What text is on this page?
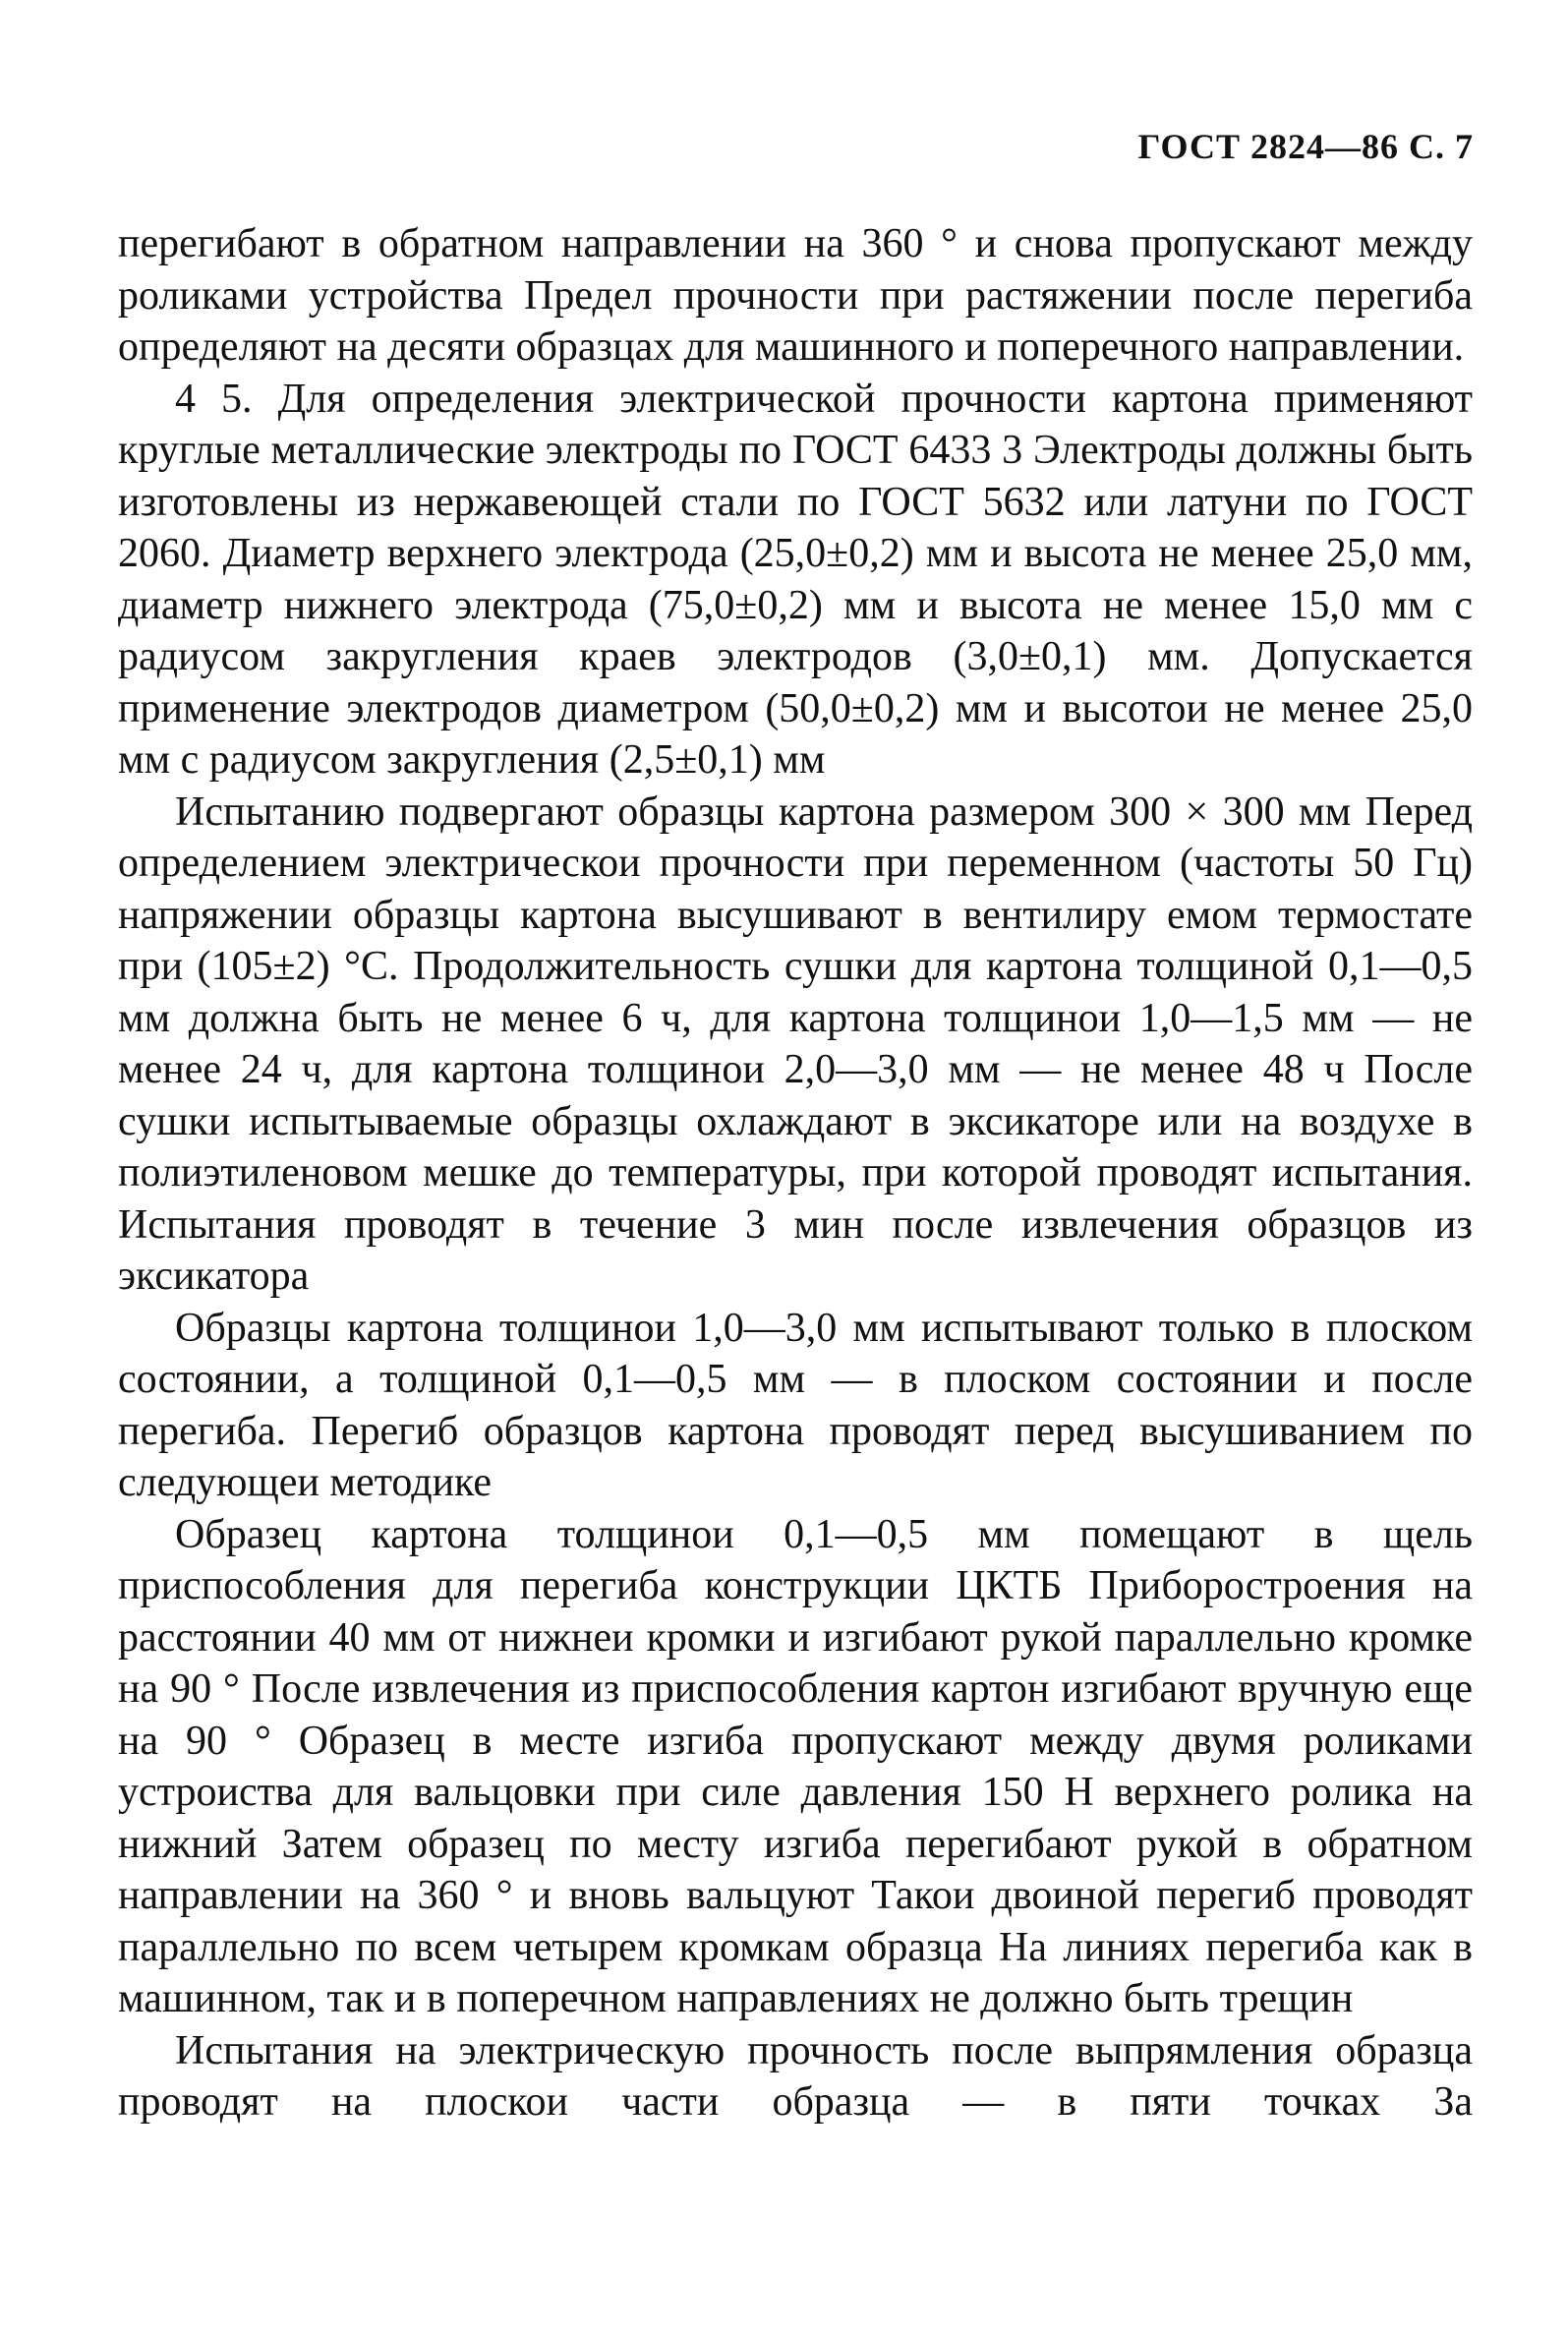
ГОСТ 2824—86 С. 7

перегибают в обратном направлении на 360 ° и снова пропускают между роликами устройства Предел прочности при растяжении после перегиба определяют на десяти образцах для машинного и поперечного направлении.

4 5. Для определения электрической прочности картона применяют круглые металлические электроды по ГОСТ 6433 3 Электроды должны быть изготовлены из нержавеющей стали по ГОСТ 5632 или латуни по ГОСТ 2060. Диаметр верхнего электрода (25,0±0,2) мм и высота не менее 25,0 мм, диаметр нижнего электрода (75,0±0,2) мм и высота не менее 15,0 мм с радиусом закругления краев электродов (3,0±0,1) мм. Допускается применение электродов диаметром (50,0±0,2) мм и высотои не менее 25,0 мм с радиусом закругления (2,5±0,1) мм

Испытанию подвергают образцы картона размером 300 × 300 мм Перед определением электрическои прочности при переменном (частоты 50 Гц) напряжении образцы картона высушивают в вентилиру емом термостате при (105±2) °С. Продолжительность сушки для картона толщиной 0,1—0,5 мм должна быть не менее 6 ч, для картона толщинои 1,0—1,5 мм — не менее 24 ч, для картона толщинои 2,0—3,0 мм — не менее 48 ч После сушки испытываемые образцы охлаждают в эксикаторе или на воздухе в полиэтиленовом мешке до температуры, при которой проводят испытания. Испытания проводят в течение 3 мин после извлечения образцов из эксикатора

Образцы картона толщинои 1,0—3,0 мм испытывают только в плоском состоянии, а толщиной 0,1—0,5 мм — в плоском состоянии и после перегиба. Перегиб образцов картона проводят перед высушиванием по следующеи методике

Образец картона толщинои 0,1—0,5 мм помещают в щель приспособления для перегиба конструкции ЦКТБ Приборостроения на расстоянии 40 мм от нижнеи кромки и изгибают рукой параллельно кромке на 90 ° После извлечения из приспособления картон изгибают вручную еще на 90 ° Образец в месте изгиба пропускают между двумя роликами устроиства для вальцовки при силе давления 150 Н верхнего ролика на нижний Затем образец по месту изгиба перегибают рукой в обратном направлении на 360 ° и вновь вальцуют Такои двоиной перегиб проводят параллельно по всем четырем кромкам образца На линиях перегиба как в машинном, так и в поперечном направлениях не должно быть трещин

Испытания на электрическую прочность после выпрямления образца проводят на плоскои части образца — в пяти точках За
